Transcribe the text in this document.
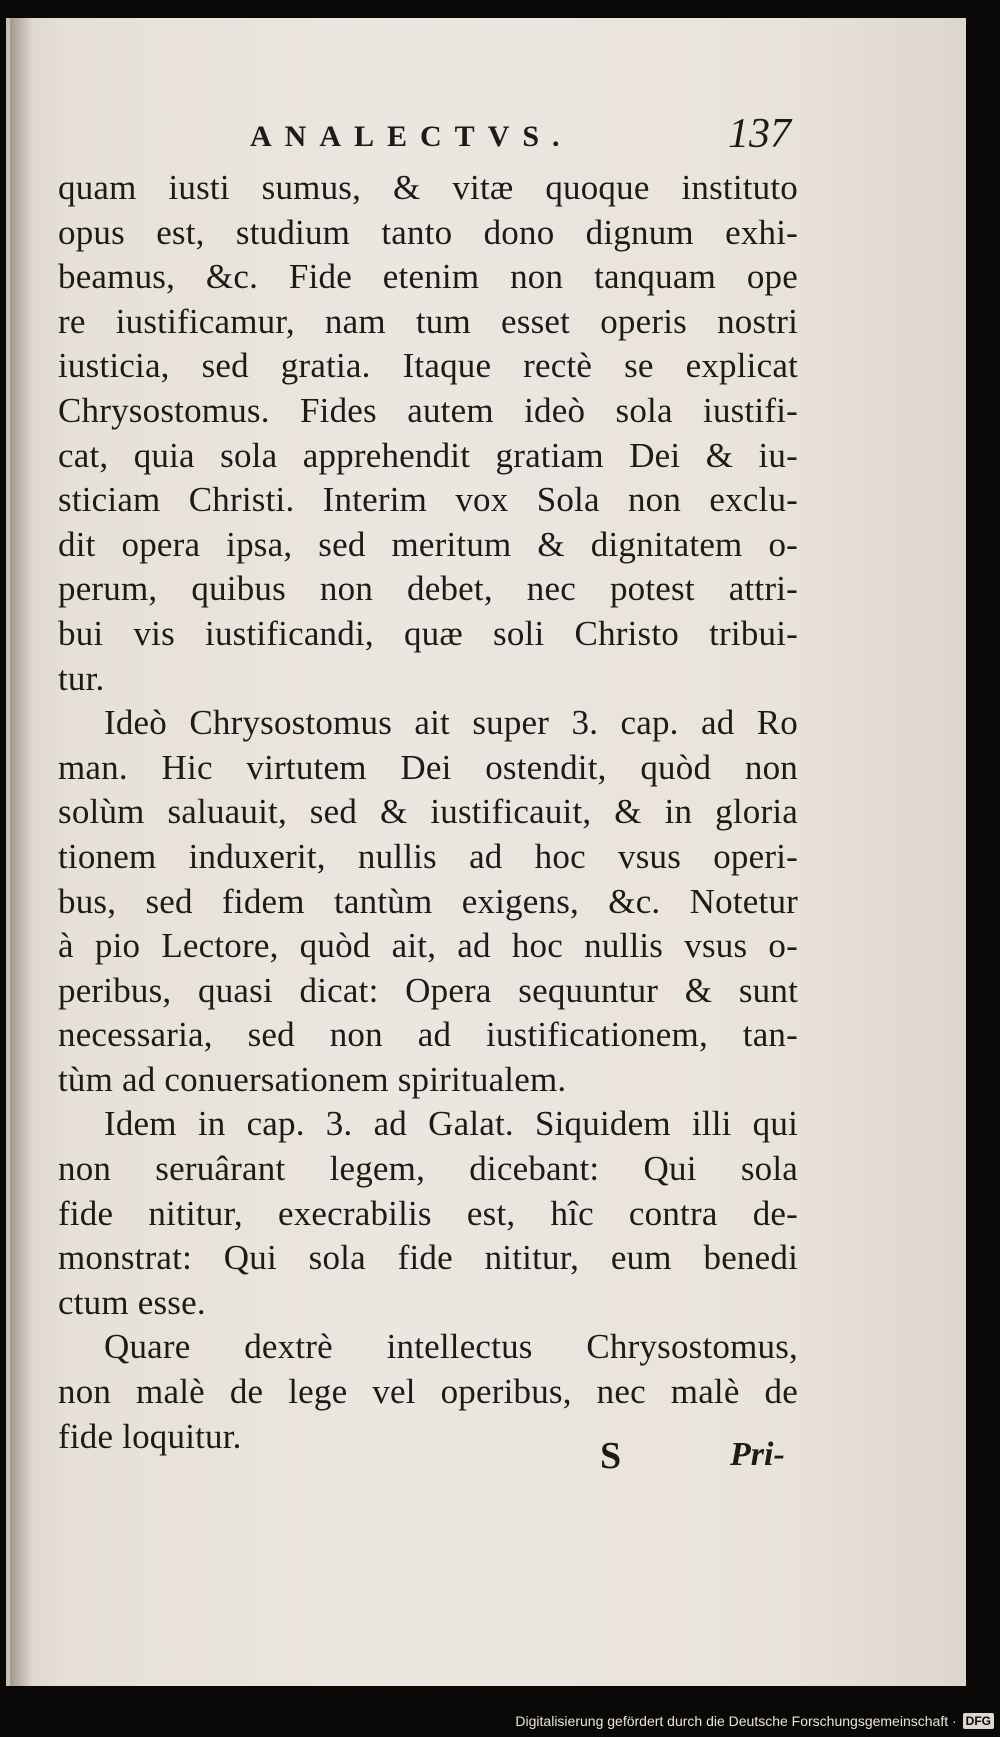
ANALECTVS.	137
quam iusti sumus, & vitæ quoque instituto
opus est, studium tanto dono dignum exhi-
beamus, &c. Fide etenim non tanquam ope
re iustificamur, nam tum esset operis nostri
iusticia, sed gratia. Itaque rectè se explicat
Chrysostomus. Fides autem ideò sola iustifi-
cat, quia sola apprehendit gratiam Dei & iu-
sticiam Christi. Interim vox Sola non exclu-
dit opera ipsa, sed meritum & dignitatem o-
perum, quibus non debet, nec potest attri-
bui vis iustificandi, quæ soli Christo tribui-
tur.
Ideò Chrysostomus ait super 3. cap. ad Ro
man. Hic virtutem Dei ostendit, quòd non
solùm saluauit, sed & iustificauit, & in gloria
tionem induxerit, nullis ad hoc vsus operi-
bus, sed fidem tantùm exigens, &c. Notetur
à pio Lectore, quòd ait, ad hoc nullis vsus o-
peribus, quasi dicat: Opera sequuntur & sunt
necessaria, sed non ad iustificationem, tan-
tùm ad conuersationem spiritualem.
Idem in cap. 3. ad Galat. Siquidem illi qui
non seruârant legem, dicebant: Qui sola
fide nititur, execrabilis est, hîc contra de-
monstrat: Qui sola fide nititur, eum benedi
ctum esse.
Quare dextrè intellectus Chrysostomus,
non malè de lege vel operibus, nec malè de
fide loquitur.	S	Pri-
Digitalisierung gefördert durch die Deutsche Forschungsgemeinschaft · DFG
